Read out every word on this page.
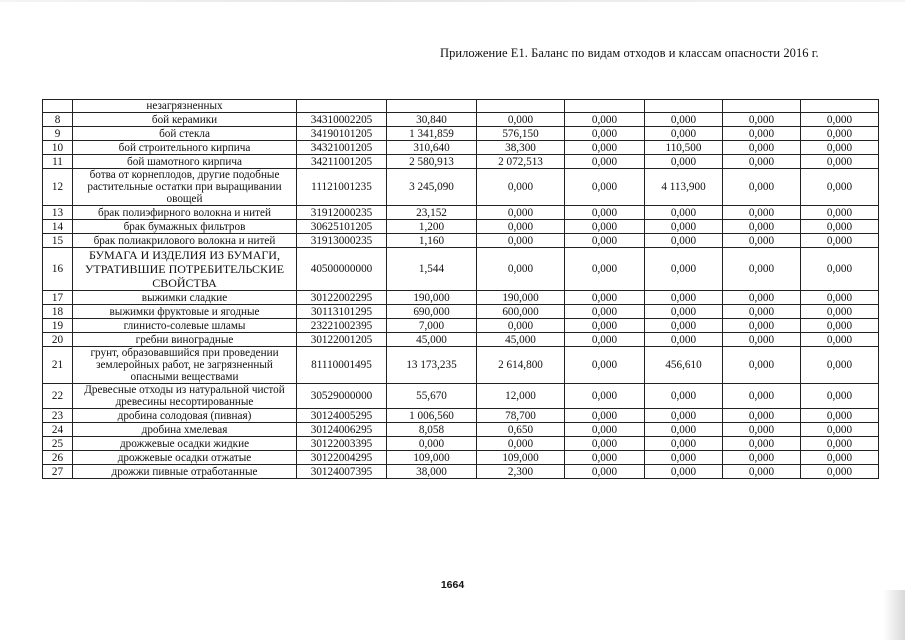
Приложение Е1. Баланс по видам отходов и классам опасности 2016 г.
	незагрязненных							
8	бой керамики	34310002205	30,840	0,000	0,000	0,000	0,000	0,000
9	бой стекла	34190101205	1 341,859	576,150	0,000	0,000	0,000	0,000
10	бой строительного кирпича	34321001205	310,640	38,300	0,000	110,500	0,000	0,000
11	бой шамотного кирпича	34211001205	2 580,913	2 072,513	0,000	0,000	0,000	0,000
12	ботва от корнеплодов, другие подобные растительные остатки при выращивании овощей	11121001235	3 245,090	0,000	0,000	4 113,900	0,000	0,000
13	брак полиэфирного волокна и нитей	31912000235	23,152	0,000	0,000	0,000	0,000	0,000
14	брак бумажных фильтров	30625101205	1,200	0,000	0,000	0,000	0,000	0,000
15	брак полиакрилового волокна и нитей	31913000235	1,160	0,000	0,000	0,000	0,000	0,000
16	БУМАГА И ИЗДЕЛИЯ ИЗ БУМАГИ, УТРАТИВШИЕ ПОТРЕБИТЕЛЬСКИЕ СВОЙСТВА	40500000000	1,544	0,000	0,000	0,000	0,000	0,000
17	выжимки сладкие	30122002295	190,000	190,000	0,000	0,000	0,000	0,000
18	выжимки фруктовые и ягодные	30113101295	690,000	600,000	0,000	0,000	0,000	0,000
19	глинисто-солевые шламы	23221002395	7,000	0,000	0,000	0,000	0,000	0,000
20	гребни виноградные	30122001205	45,000	45,000	0,000	0,000	0,000	0,000
21	грунт, образовавшийся при проведении землеройных работ, не загрязненный опасными веществами	81110001495	13 173,235	2 614,800	0,000	456,610	0,000	0,000
22	Древесные отходы из натуральной чистой древесины несортированные	30529000000	55,670	12,000	0,000	0,000	0,000	0,000
23	дробина солодовая (пивная)	30124005295	1 006,560	78,700	0,000	0,000	0,000	0,000
24	дробина хмелевая	30124006295	8,058	0,650	0,000	0,000	0,000	0,000
25	дрожжевые осадки жидкие	30122003395	0,000	0,000	0,000	0,000	0,000	0,000
26	дрожжевые осадки отжатые	30122004295	109,000	109,000	0,000	0,000	0,000	0,000
27	дрожжи пивные отработанные	30124007395	38,000	2,300	0,000	0,000	0,000	0,000
1664
